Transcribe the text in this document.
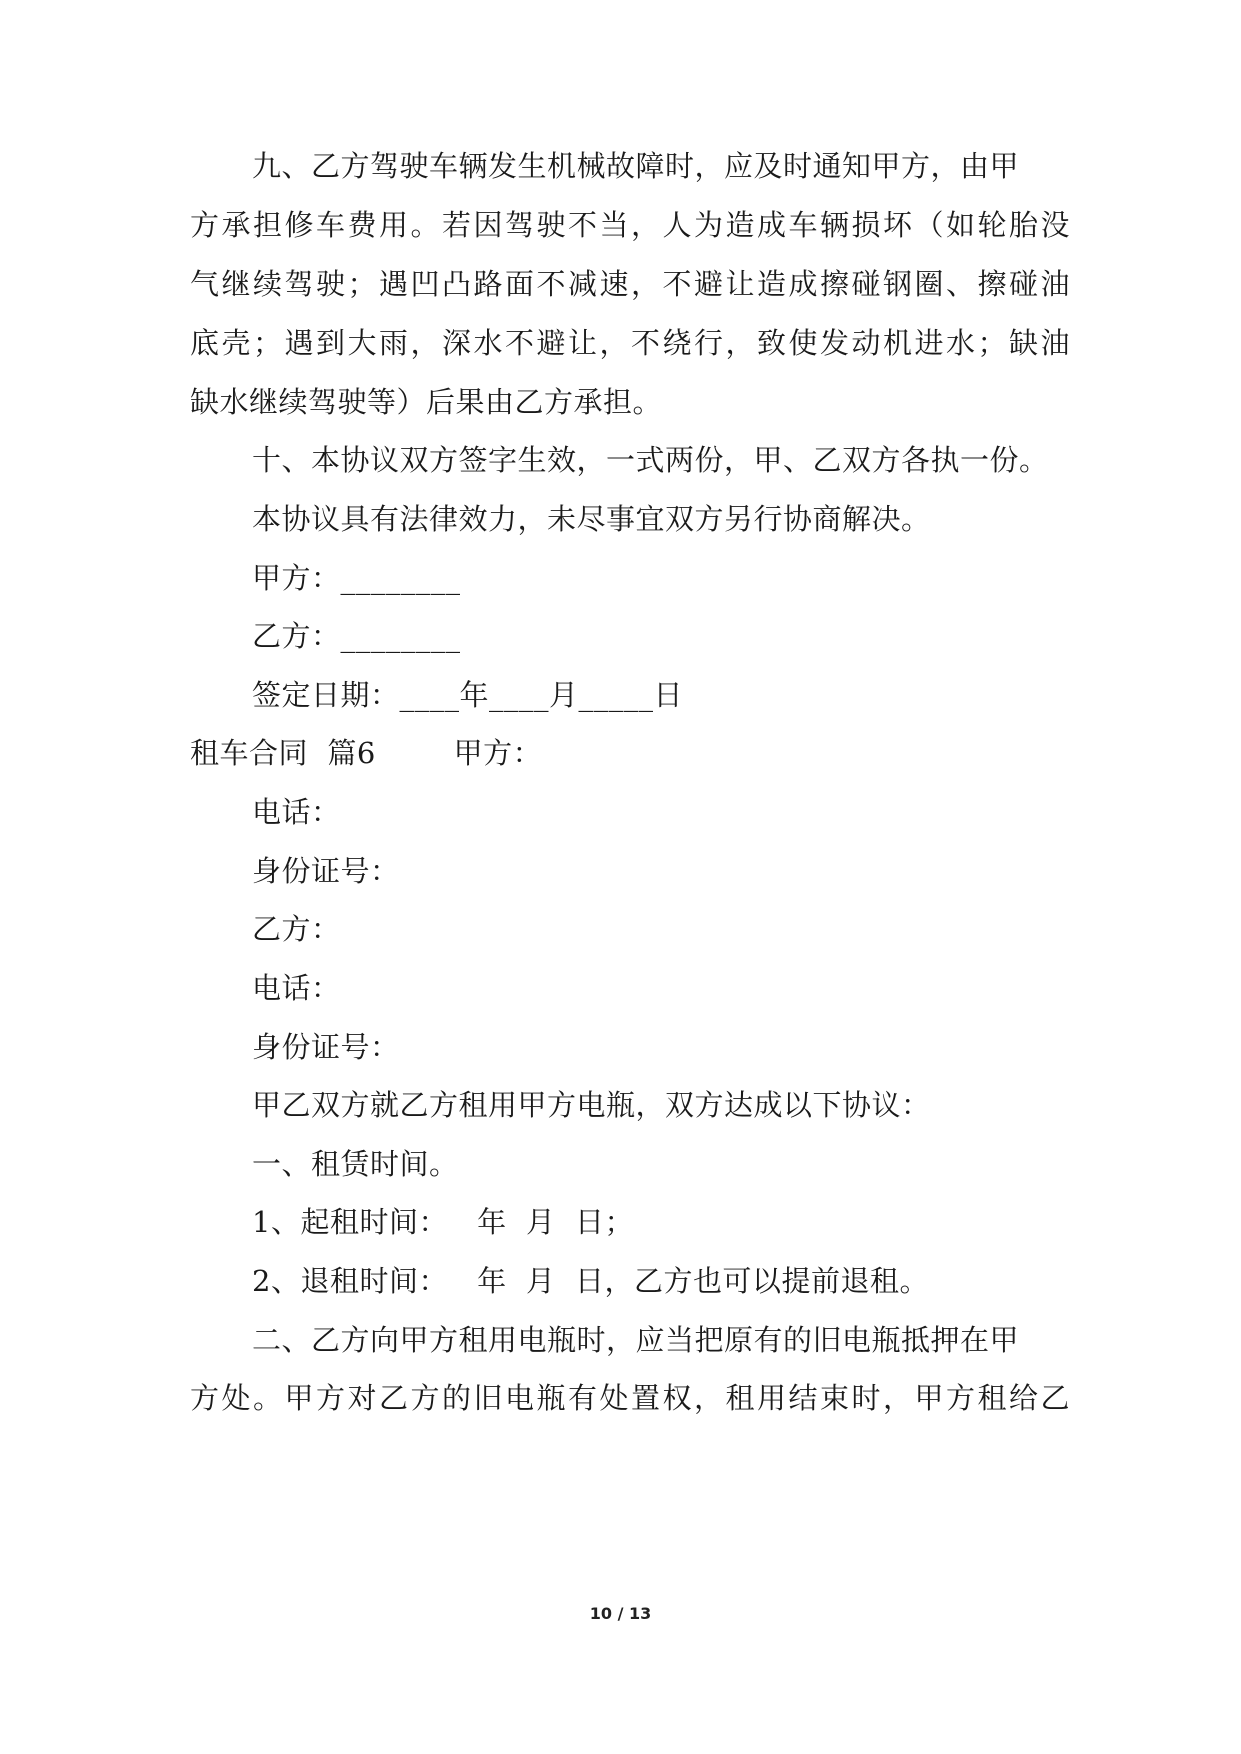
九、乙方驾驶车辆发生机械故障时，应及时通知甲方，由甲
方承担修车费用。若因驾驶不当，人为造成车辆损坏（如轮胎没
气继续驾驶；遇凹凸路面不减速，不避让造成擦碰钢圈、擦碰油
底壳；遇到大雨，深水不避让，不绕行，致使发动机进水；缺油
缺水继续驾驶等）后果由乙方承担。
十、本协议双方签字生效，一式两份，甲、乙双方各执一份。
本协议具有法律效力，未尽事宜双方另行协商解决。
甲方：________
乙方：________
签定日期：____年____月_____日
租车合同  篇6        甲方：
电话：
身份证号：
乙方：
电话：
身份证号：
甲乙双方就乙方租用甲方电瓶，双方达成以下协议：
一、租赁时间。
1、起租时间：   年  月  日；
2、退租时间：   年  月  日，乙方也可以提前退租。
二、乙方向甲方租用电瓶时，应当把原有的旧电瓶抵押在甲
方处。甲方对乙方的旧电瓶有处置权，租用结束时，甲方租给乙
10 / 13
